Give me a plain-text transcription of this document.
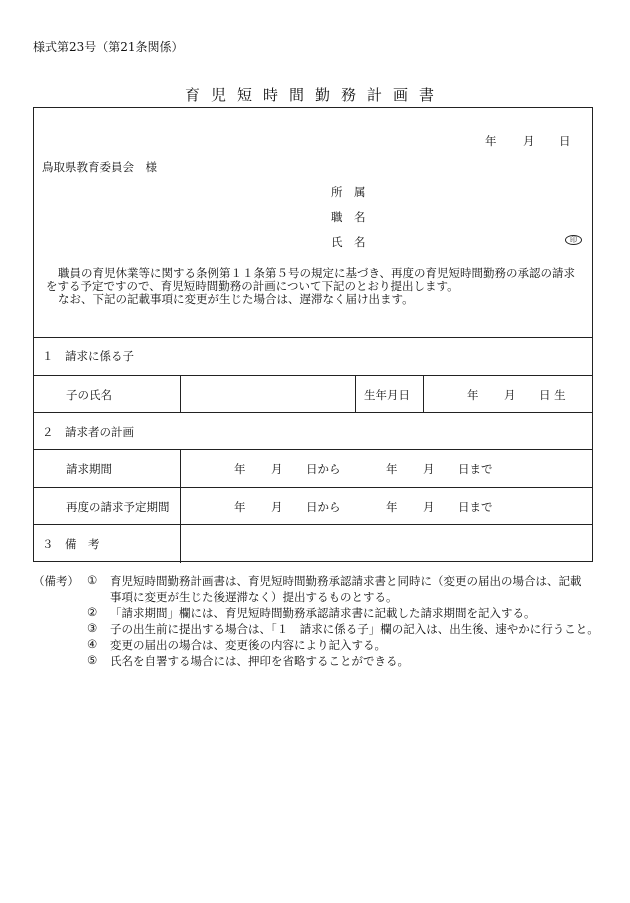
様式第23号（第21条関係）
育児短時間勤務計画書
年 月 日
鳥取県教育委員会　様
所　属
職　名
氏　名	印
職員の育児休業等に関する条例第１１条第５号の規定に基づき、再度の育児短時間勤務の承認の請求
をする予定ですので、育児短時間勤務の計画について下記のとおり提出します。
なお、下記の記載事項に変更が生じた場合は、遅滞なく届け出ます。
１　請求に係る子
子の氏名	生年月日	年 月 日 生
２　請求者の計画
請求期間	年 月 日から	年 月 日まで
再度の請求予定期間	年 月 日から	年 月 日まで
３　備　考
（備考） ① 育児短時間勤務計画書は、育児短時間勤務承認請求書と同時に（変更の届出の場合は、記載
事項に変更が生じた後遅滞なく）提出するものとする。
② 「請求期間」欄には、育児短時間勤務承認請求書に記載した請求期間を記入する。
③ 子の出生前に提出する場合は、「１　請求に係る子」欄の記入は、出生後、速やかに行うこと。
④ 変更の届出の場合は、変更後の内容により記入する。
⑤ 氏名を自署する場合には、押印を省略することができる。
